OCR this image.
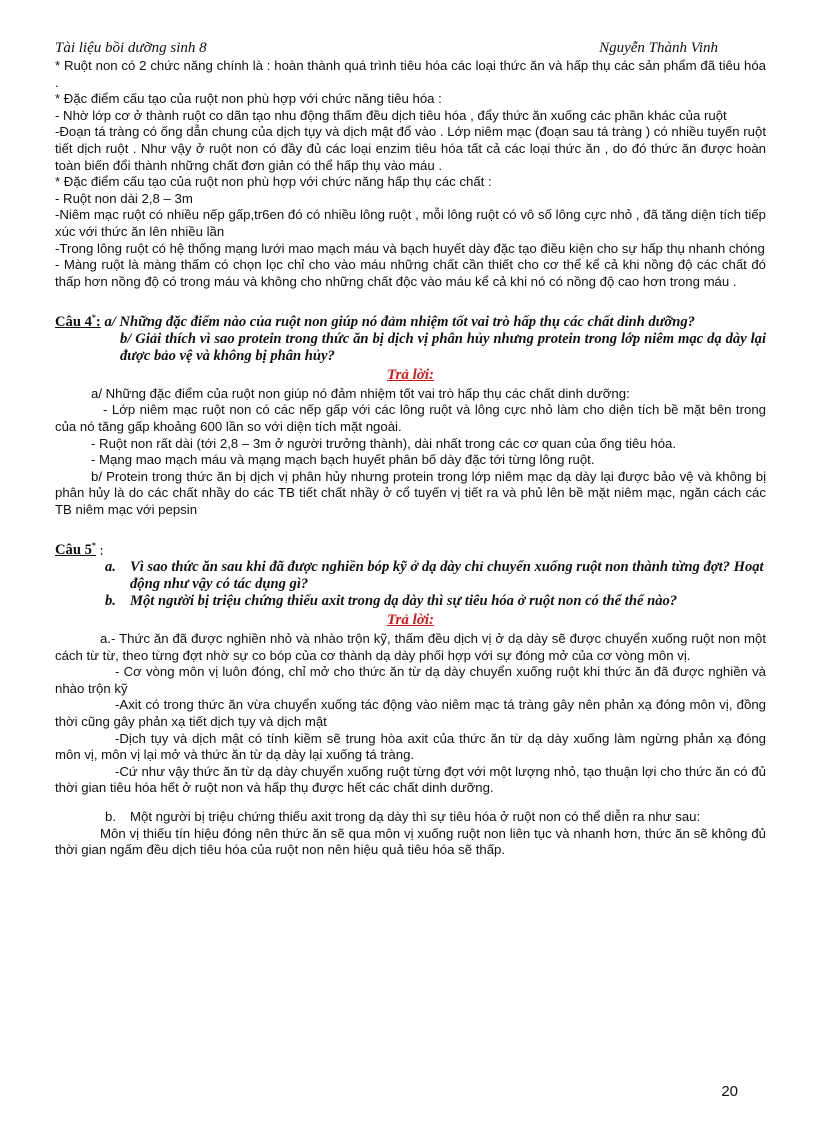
Tài liệu bồi dưỡng sinh 8	Nguyễn Thành Vinh

* Ruột non có 2 chức năng chính là : hoàn thành quá trình tiêu hóa các loại thức ăn và hấp thụ các sản phẩm đã tiêu hóa .

* Đặc điểm cấu tạo của ruột non phù hợp với chức năng tiêu hóa :

- Nhờ lớp cơ ở thành ruột co dãn tạo nhu động thấm đều dịch tiêu hóa , đẩy thức ăn xuống các phần khác của ruột

-Đoạn tá tràng có ống dẫn chung của dịch tụy và dịch mật đổ vào . Lớp niêm mạc (đoạn sau tá tràng ) có nhiều tuyến ruột tiết dịch ruột . Như vậy ở ruột non có đầy đủ các loại enzim tiêu hóa tất cả các loại thức ăn , do đó thức ăn được hoàn toàn biến đổi thành những chất đơn giản có thể hấp thụ vào máu .

* Đặc điểm cấu tạo của ruột non phù hợp với chức năng hấp thụ các chất :

- Ruột non dài 2,8 – 3m

-Niêm mạc ruột có nhiều nếp gấp,tr6en đó có nhiều lông ruột , mỗi lông ruột có vô số lông cực nhỏ , đã tăng diện tích tiếp xúc với thức ăn lên nhiều lần

-Trong lông ruột có hệ thống mạng lưới mao mạch máu và bạch huyết dày đặc tạo điều kiện cho sự hấp thụ nhanh chóng

- Màng ruột là màng thấm có chọn lọc chỉ cho vào máu những chất cần thiết cho cơ thể kể cả khi nồng độ các chất đó thấp hơn nồng độ có trong máu và không cho những chất độc vào máu kể cả khi nó có nồng độ cao hơn trong máu .

Câu 4*: a/ Những đặc điểm nào của ruột non giúp nó đảm nhiệm tốt vai trò hấp thụ các chất dinh dưỡng?

b/ Giải thích vì sao protein trong thức ăn bị dịch vị phân hủy nhưng protein trong lớp niêm mạc dạ dày lại được bảo vệ và không bị phân hủy?

Trả lời:

a/ Những đặc điểm của ruột non giúp nó đảm nhiệm tốt vai trò hấp thụ các chất dinh dưỡng:

- Lớp niêm mạc ruột non có các nếp gấp với các lông ruột và lông cực nhỏ làm cho diện tích bề mặt bên trong của nó tăng gấp khoảng 600 lần so với diện tích mặt ngoài.

- Ruột non rất dài (tới 2,8 – 3m ở người trưởng thành), dài nhất trong các cơ quan của ống tiêu hóa.

- Mạng mao mạch máu và mạng mạch bạch huyết phân bố dày đặc tới từng lông ruột.

b/ Protein trong thức ăn bị dịch vị phân hủy nhưng protein trong lớp niêm mạc dạ dày lại được bảo vệ và không bị phân hủy là do các chất nhầy do các TB tiết chất nhầy ở cổ tuyến vị tiết ra và phủ lên bề mặt niêm mạc, ngăn cách các TB niêm mạc với pepsin

Câu 5* :

a. Vì sao thức ăn sau khi đã được nghiền bóp kỹ ở dạ dày chỉ chuyển xuống ruột non thành từng đợt? Hoạt động như vậy có tác dụng gì?
b. Một người bị triệu chứng thiếu axit trong dạ dày thì sự tiêu hóa ở ruột non có thể thế nào?

Trả lời:

a.- Thức ăn đã được nghiền nhỏ và nhào trộn kỹ, thấm đều dịch vị ở dạ dày sẽ được chuyển xuống ruột non một cách từ từ, theo từng đợt nhờ sự co bóp của cơ thành dạ dày phối hợp với sự đóng mở của cơ vòng môn vị.

- Cơ vòng môn vị luôn đóng, chỉ mở cho thức ăn từ dạ dày chuyển xuống ruột khi thức ăn đã được nghiền và nhào trộn kỹ

-Axit có trong thức ăn vừa chuyển xuống tác động vào niêm mạc tá tràng gây nên phản xạ đóng môn vị, đồng thời cũng gây phản xạ tiết dịch tụy và dịch mật

-Dịch tụy và dịch mật có tính kiềm sẽ trung hòa axit của thức ăn từ dạ dày xuống làm ngừng phản xạ đóng môn vị, môn vị lại mở và thức ăn từ dạ dày lại xuống tá tràng.

-Cứ như vậy thức ăn từ dạ dày chuyển xuống ruột từng đợt với một lượng nhỏ, tạo thuận lợi cho thức ăn có đủ thời gian tiêu hóa hết ở ruột non và hấp thụ được hết các chất dinh dưỡng.

b.	Một người bị triệu chứng thiếu axit trong dạ dày thì sự tiêu hóa ở ruột non có thể diễn ra như sau:

Môn vị thiếu tín hiệu đóng nên thức ăn sẽ qua môn vị xuống ruột non liên tục và nhanh hơn, thức ăn sẽ không đủ thời gian ngấm đều dịch tiêu hóa của ruột non nên hiệu quả tiêu hóa sẽ thấp.

20
